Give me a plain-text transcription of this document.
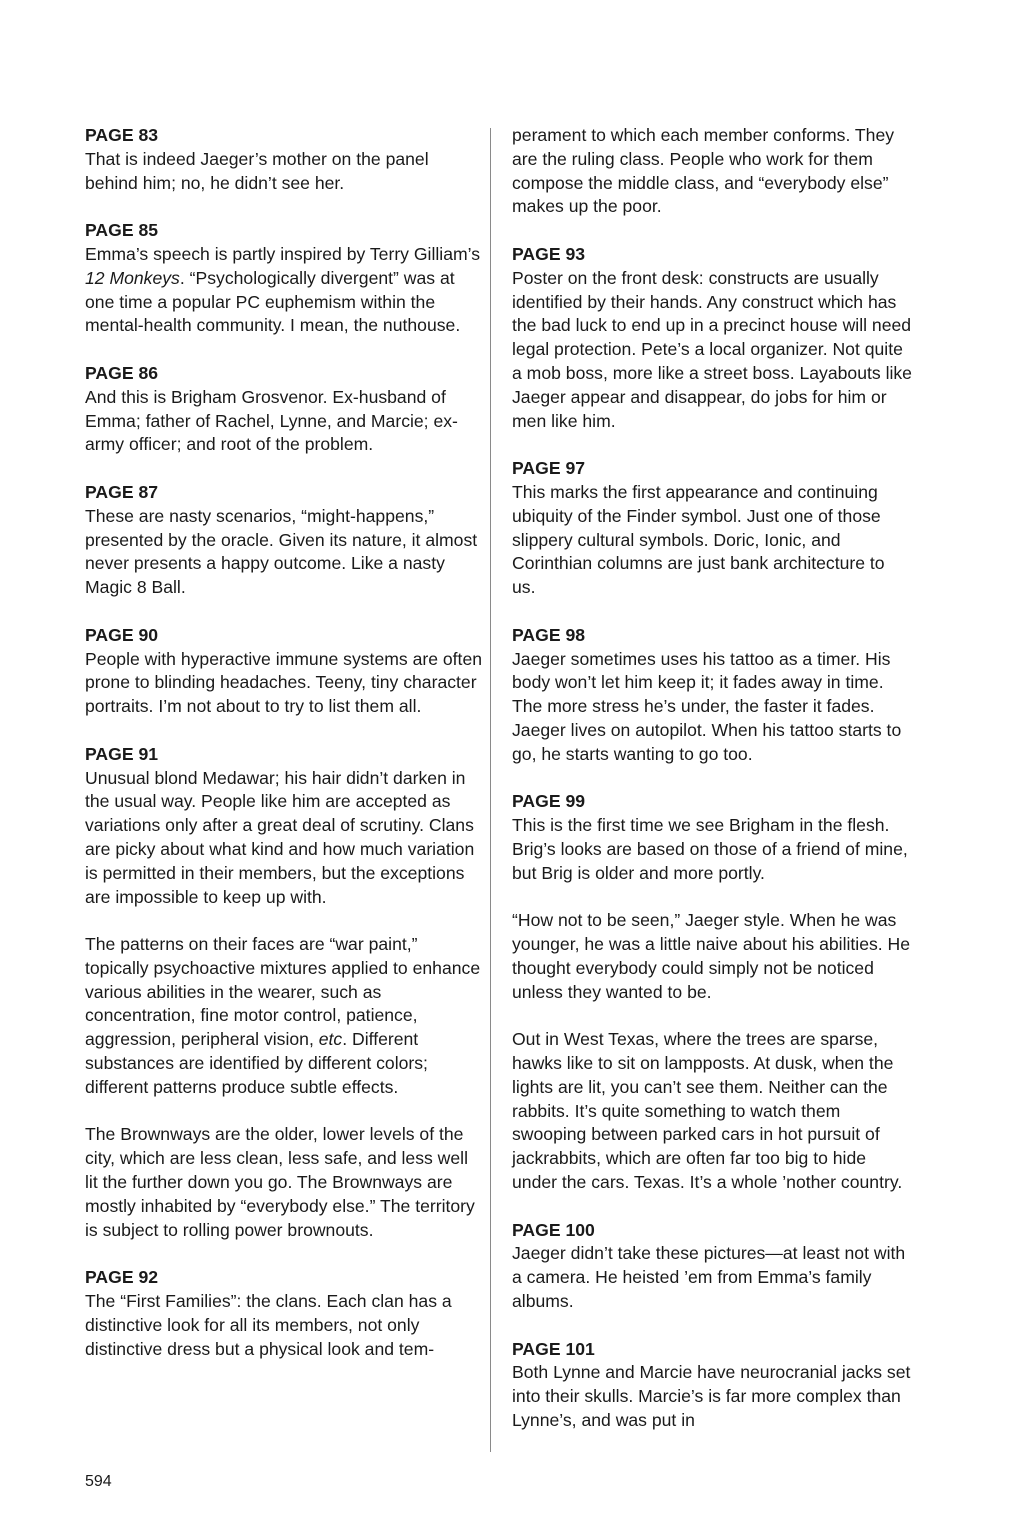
PAGE 83

That is indeed Jaeger’s mother on the panel behind him; no, he didn’t see her.

PAGE 85

Emma’s speech is partly inspired by Terry Gilliam’s 12 Monkeys. “Psychologically divergent” was at one time a popular PC euphemism within the mental-health community. I mean, the nuthouse.

PAGE 86

And this is Brigham Grosvenor. Ex-husband of Emma; father of Rachel, Lynne, and Marcie; ex-army officer; and root of the problem.

PAGE 87

These are nasty scenarios, “might-happens,” presented by the oracle. Given its nature, it almost never presents a happy outcome. Like a nasty Magic 8 Ball.

PAGE 90

People with hyperactive immune systems are often prone to blinding headaches. Teeny, tiny character portraits. I’m not about to try to list them all.

PAGE 91

Unusual blond Medawar; his hair didn’t darken in the usual way. People like him are accepted as variations only after a great deal of scrutiny. Clans are picky about what kind and how much variation is permitted in their members, but the exceptions are impossible to keep up with.

The patterns on their faces are “war paint,” topically psychoactive mixtures applied to enhance various abilities in the wearer, such as concentration, fine motor control, patience, aggression, peripheral vision, etc. Different substances are identified by different colors; different patterns produce subtle effects.

The Brownways are the older, lower levels of the city, which are less clean, less safe, and less well lit the further down you go. The Brownways are mostly inhabited by “everybody else.” The territory is subject to rolling power brownouts.

PAGE 92

The “First Families”: the clans. Each clan has a distinctive look for all its members, not only distinctive dress but a physical look and tem-

perament to which each member conforms. They are the ruling class. People who work for them compose the middle class, and “everybody else” makes up the poor.

PAGE 93

Poster on the front desk: constructs are usually identified by their hands. Any construct which has the bad luck to end up in a precinct house will need legal protection. Pete’s a local organizer. Not quite a mob boss, more like a street boss. Layabouts like Jaeger appear and disappear, do jobs for him or men like him.

PAGE 97

This marks the first appearance and continuing ubiquity of the Finder symbol. Just one of those slippery cultural symbols. Doric, Ionic, and Corinthian columns are just bank architecture to us.

PAGE 98

Jaeger sometimes uses his tattoo as a timer. His body won’t let him keep it; it fades away in time. The more stress he’s under, the faster it fades. Jaeger lives on autopilot. When his tattoo starts to go, he starts wanting to go too.

PAGE 99

This is the first time we see Brigham in the flesh. Brig’s looks are based on those of a friend of mine, but Brig is older and more portly.

“How not to be seen,” Jaeger style. When he was younger, he was a little naive about his abilities. He thought everybody could simply not be noticed unless they wanted to be.

Out in West Texas, where the trees are sparse, hawks like to sit on lampposts. At dusk, when the lights are lit, you can’t see them. Neither can the rabbits. It’s quite something to watch them swooping between parked cars in hot pursuit of jackrabbits, which are often far too big to hide under the cars. Texas. It’s a whole ’nother country.

PAGE 100

Jaeger didn’t take these pictures—at least not with a camera. He heisted ’em from Emma’s family albums.

PAGE 101

Both Lynne and Marcie have neurocranial jacks set into their skulls. Marcie’s is far more complex than Lynne’s, and was put in

594
